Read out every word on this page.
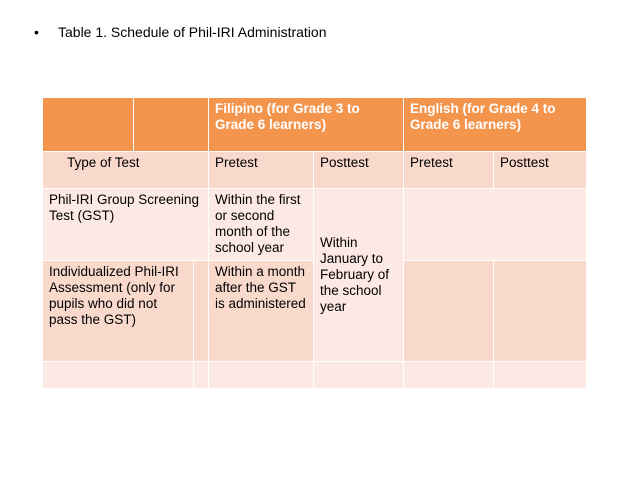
• Table 1. Schedule of Phil-IRI Administration
			Filipino (for Grade 3 to Grade 6 learners)		English (for Grade 4 to Grade 6 learners)	
Type of Test			Pretest	Posttest	Pretest	Posttest
Phil-IRI Group Screening Test (GST)			Within the first or second month of the school year	Within January to February of the school year		
Individualized Phil-IRI Assessment (only for pupils who did not pass the GST)			Within a month after the GST is administered			
